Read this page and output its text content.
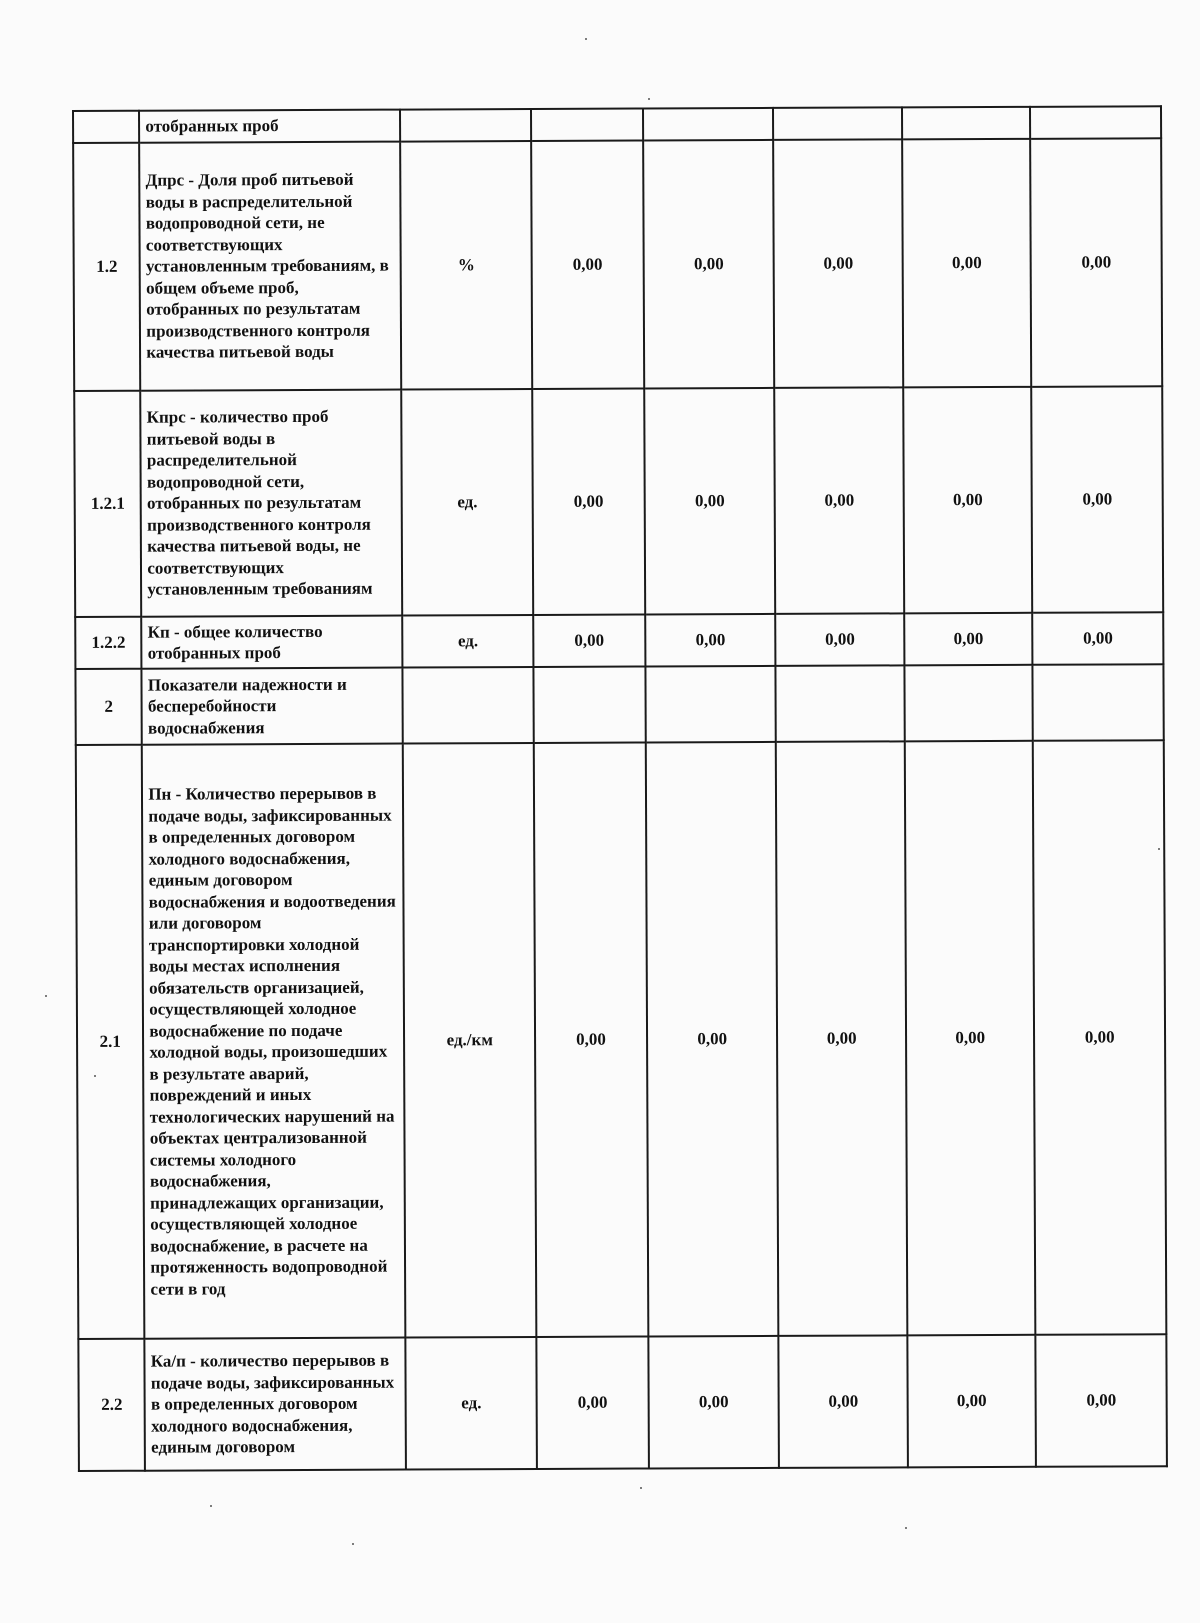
	отобранных проб						
1.2	Дпрс - Доля проб питьевой воды в распределительной водопроводной сети, не соответствующих установленным требованиям, в общем объеме проб, отобранных по результатам производственного контроля качества питьевой воды	%	0,00	0,00	0,00	0,00	0,00
1.2.1	Кпрс - количество проб питьевой воды в распределительной водопроводной сети, отобранных по результатам производственного контроля качества питьевой воды, не соответствующих установленным требованиям	ед.	0,00	0,00	0,00	0,00	0,00
1.2.2	Кп - общее количество отобранных проб	ед.	0,00	0,00	0,00	0,00	0,00
2	Показатели надежности и бесперебойности водоснабжения						
2.1	Пн - Количество перерывов в подаче воды, зафиксированных в определенных договором холодного водоснабжения, единым договором водоснабжения и водоотведения или договором транспортировки холодной воды местах исполнения обязательств организацией, осуществляющей холодное водоснабжение по подаче холодной воды, произошедших в результате аварий, повреждений и иных технологических нарушений на объектах централизованной системы холодного водоснабжения, принадлежащих организации, осуществляющей холодное водоснабжение, в расчете на протяженность водопроводной сети в год	ед./км	0,00	0,00	0,00	0,00	0,00
2.2	Ка/п - количество перерывов в подаче воды, зафиксированных в определенных договором холодного водоснабжения, единым договором	ед.	0,00	0,00	0,00	0,00	0,00
